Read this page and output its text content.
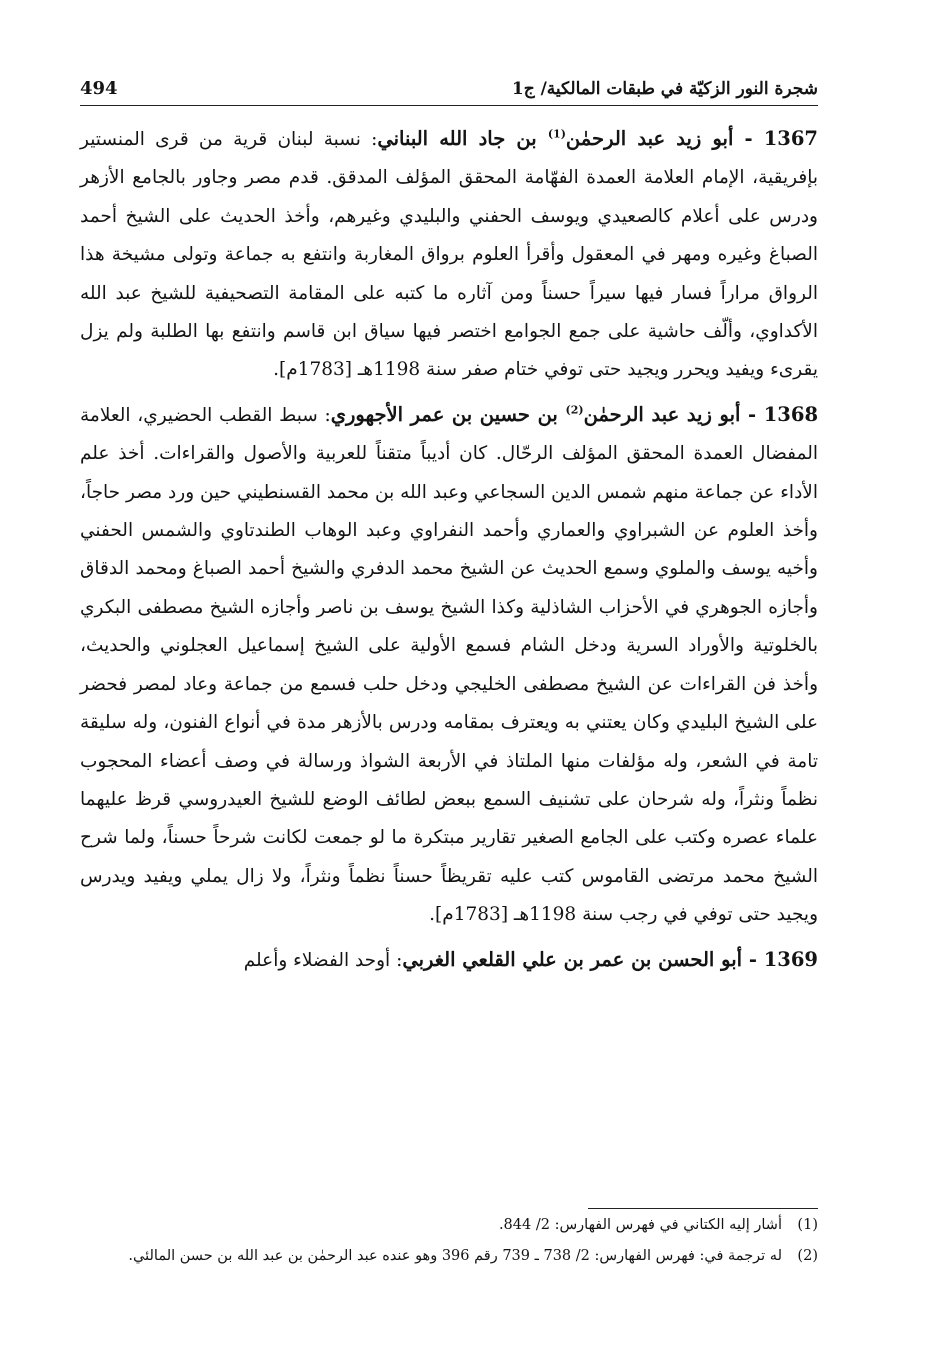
شجرة النور الزكيّة في طبقات المالكية/ ج1
494

1367 - أبو زيد عبد الرحمٰن$^{(1)}$ بن جاد الله البناني: نسبة لبنان قرية من قرى المنستير بإفريقية، الإمام العلامة العمدة الفهّامة المحقق المؤلف المدقق. قدم مصر وجاور بالجامع الأزهر ودرس على أعلام كالصعيدي ويوسف الحفني والبليدي وغيرهم، وأخذ الحديث على الشيخ أحمد الصباغ وغيره ومهر في المعقول وأقرأ العلوم برواق المغاربة وانتفع به جماعة وتولى مشيخة هذا الرواق مراراً فسار فيها سيراً حسناً ومن آثاره ما كتبه على المقامة التصحيفية للشيخ عبد الله الأكداوي، وألّف حاشية على جمع الجوامع اختصر فيها سياق ابن قاسم وانتفع بها الطلبة ولم يزل يقرىء ويفيد ويحرر ويجيد حتى توفي ختام صفر سنة 1198هـ [1783م].

1368 - أبو زيد عبد الرحمٰن$^{(2)}$ بن حسين بن عمر الأجهوري: سبط القطب الحضيري، العلامة المفضال العمدة المحقق المؤلف الرحّال. كان أديباً متقناً للعربية والأصول والقراءات. أخذ علم الأداء عن جماعة منهم شمس الدين السجاعي وعبد الله بن محمد القسنطيني حين ورد مصر حاجاً، وأخذ العلوم عن الشبراوي والعماري وأحمد النفراوي وعبد الوهاب الطندتاوي والشمس الحفني وأخيه يوسف والملوي وسمع الحديث عن الشيخ محمد الدفري والشيخ أحمد الصباغ ومحمد الدقاق وأجازه الجوهري في الأحزاب الشاذلية وكذا الشيخ يوسف بن ناصر وأجازه الشيخ مصطفى البكري بالخلوتية والأوراد السرية ودخل الشام فسمع الأولية على الشيخ إسماعيل العجلوني والحديث، وأخذ فن القراءات عن الشيخ مصطفى الخليجي ودخل حلب فسمع من جماعة وعاد لمصر فحضر على الشيخ البليدي وكان يعتني به ويعترف بمقامه ودرس بالأزهر مدة في أنواع الفنون، وله سليقة تامة في الشعر، وله مؤلفات منها الملتاذ في الأربعة الشواذ ورسالة في وصف أعضاء المحجوب نظماً ونثراً، وله شرحان على تشنيف السمع ببعض لطائف الوضع للشيخ العيدروسي قرظ عليهما علماء عصره وكتب على الجامع الصغير تقارير مبتكرة ما لو جمعت لكانت شرحاً حسناً، ولما شرح الشيخ محمد مرتضى القاموس كتب عليه تقريظاً حسناً نظماً ونثراً، ولا زال يملي ويفيد ويدرس ويجيد حتى توفي في رجب سنة 1198هـ [1783م].

1369 - أبو الحسن بن عمر بن علي القلعي الغربي: أوحد الفضلاء وأعلم

(1)
أشار إليه الكتاني في فهرس الفهارس: 2/ 844.
(2)
له ترجمة في: فهرس الفهارس: 2/ 738 ـ 739 رقم 396 وهو عنده عبد الرحمٰن بن عبد الله بن حسن المالئي.
